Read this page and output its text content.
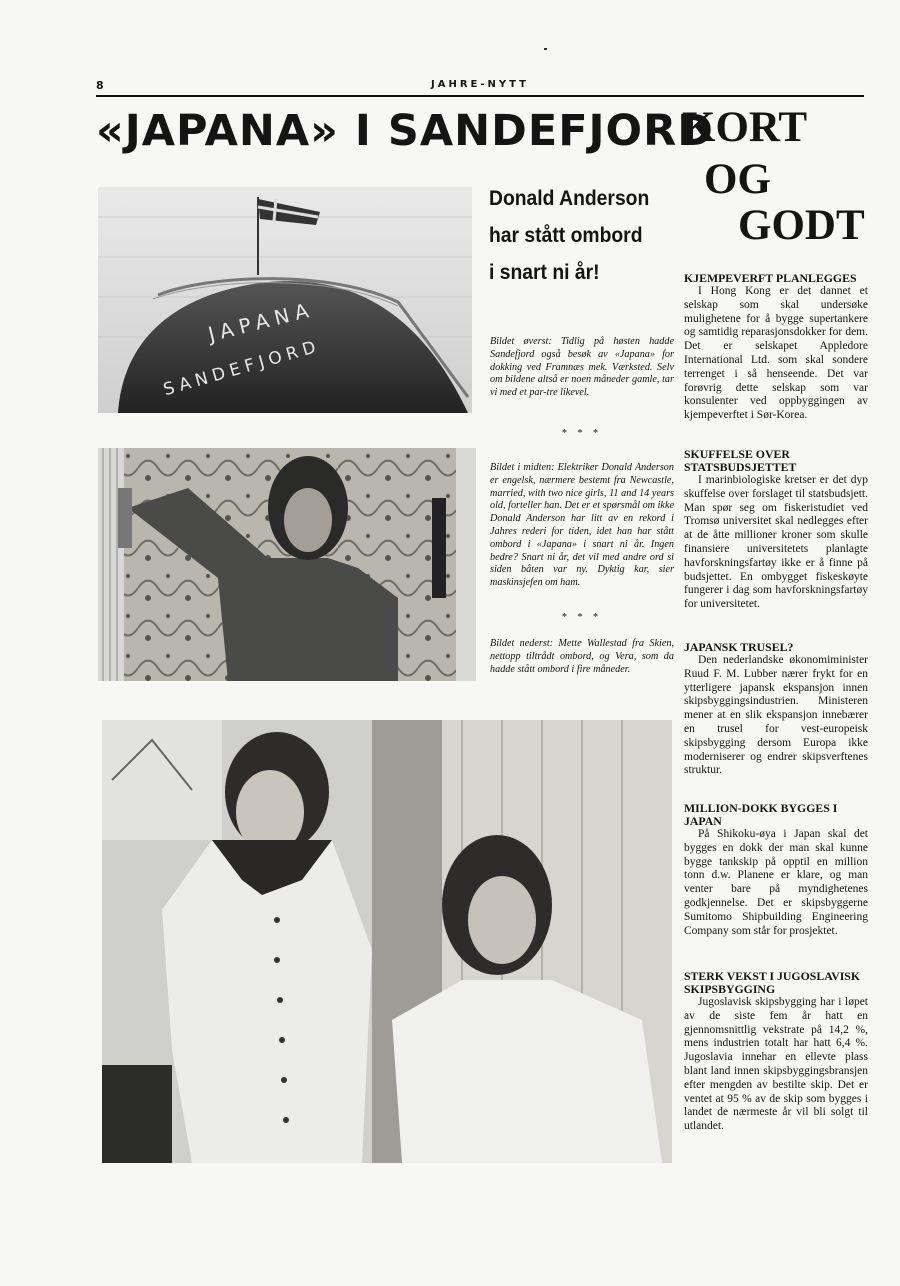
8	JAHRE-NYTT
«JAPANA» I SANDEFJORD
KORT
OG
GODT
JAPANA
SANDEFJORD
Donald Anderson
har stått ombord
i snart ni år!
Bildet øverst: Tidlig på høsten hadde Sandefjord også besøk av «Japana» for dokking ved Framnæs mek. Værksted. Selv om bildene altså er noen måneder gamle, tar vi med et par-tre likevel.
* * *
Bildet i midten: Elektriker Donald Anderson er engelsk, nærmere bestemt fra Newcastle, married, with two nice girls, 11 and 14 years old, forteller han. Det er et spørsmål om ikke Donald Anderson har litt av en rekord i Jahres rederi for tiden, idet han har stått ombord i «Japana» i snart ni år. Ingen bedre? Snart ni år, det vil med andre ord si siden båten var ny. Dyktig kar, sier maskinsjefen om ham.
* * *
Bildet nederst: Mette Wallestad fra Skien, nettopp tiltrådt ombord, og Vera, som da hadde stått ombord i fire måneder.
KJEMPEVERFT PLANLEGGES
I Hong Kong er det dannet et selskap som skal undersøke mulighetene for å bygge supertankere og samtidig reparasjonsdokker for dem. Det er selskapet Appledore International Ltd. som skal sondere terrenget i så henseende. Det var forøvrig dette selskap som var konsulenter ved oppbyggingen av kjempeverftet i Sør-Korea.
SKUFFELSE OVER STATSBUDSJETTET
I marinbiologiske kretser er det dyp skuffelse over forslaget til statsbudsjett. Man spør seg om fiskeristudiet ved Tromsø universitet skal nedlegges efter at de åtte millioner kroner som skulle finansiere universitetets planlagte havforskningsfartøy ikke er å finne på budsjettet. En ombygget fiskeskøyte fungerer i dag som havforskningsfartøy for universitetet.
JAPANSK TRUSEL?
Den nederlandske økonomiminister Ruud F. M. Lubber nærer frykt for en ytterligere japansk ekspansjon innen skipsbyggingsindustrien. Ministeren mener at en slik ekspansjon innebærer en trusel for vest-europeisk skipsbygging dersom Europa ikke moderniserer og endrer skipsverftenes struktur.
MILLION-DOKK BYGGES I JAPAN
På Shikoku-øya i Japan skal det bygges en dokk der man skal kunne bygge tankskip på opptil en million tonn d.w. Planene er klare, og man venter bare på myndighetenes godkjennelse. Det er skipsbyggerne Sumitomo Shipbuilding Engineering Company som står for prosjektet.
STERK VEKST I JUGOSLAVISK SKIPSBYGGING
Jugoslavisk skipsbygging har i løpet av de siste fem år hatt en gjennomsnittlig vekstrate på 14,2 %, mens industrien totalt har hatt 6,4 %. Jugoslavia innehar en ellevte plass blant land innen skipsbyggingsbransjen efter mengden av bestilte skip. Det er ventet at 95 % av de skip som bygges i landet de nærmeste år vil bli solgt til utlandet.
